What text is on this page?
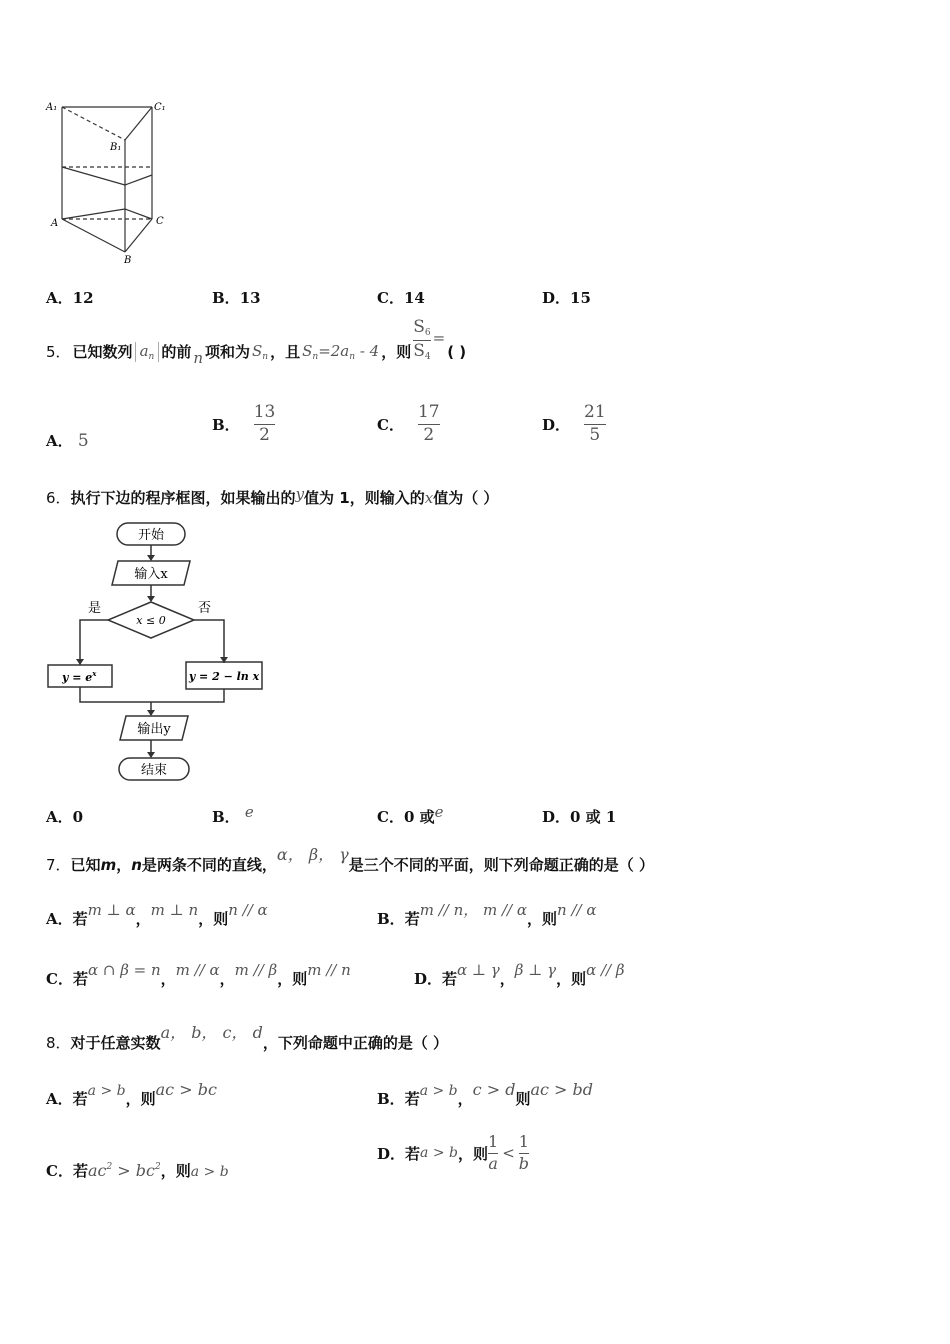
A₁	C₁
B₁
A	C
B
A．12	B．13	C．14	D．15
5． 已知数列 $a_n$ 的前 n 项和为 $S_n$ ，且 $S_n=2a_n - 4$ ，则 $\frac{S_6}{S_4}$ =
( )
A． 5
B． $\frac{13}{2}$	C． $\frac{17}{2}$	D． $\frac{21}{5}$
6．执行下边的程序框图，如果输出的y值为 1，则输入的x值为（ ）
开始
输入x
x ≤ 0
是	否
$y = e^x$	y = 2 − ln x
输出y
结束
A．0	B． e	C．0 或e	D．0 或 1
7．已知m，n是两条不同的直线，α， β， γ是三个不同的平面，则下列命题正确的是（ ）
A．若m ⊥ α，m ⊥ n，则n // α	B．若m // n， m // α，则n // α
C．若α ∩ β = n，m // α，m // β，则m // n	D．若α ⊥ γ，β ⊥ γ，则α // β
8．对于任意实数a， b， c， d，下列命题中正确的是（ ）
A．若a > b，则ac > bc	B．若a > b，c > d则ac > bd
C．若$ac^2 > bc^2$，则a > b
D． 若 a > b ，则 $\frac{1}{a} < \frac{1}{b}$
